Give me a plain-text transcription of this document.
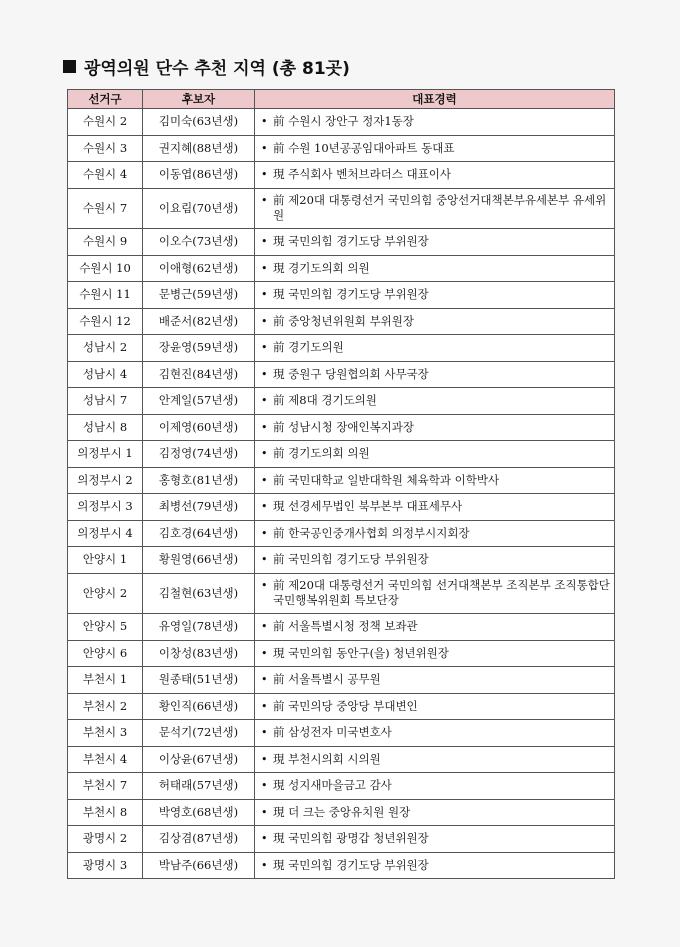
광역의원 단수 추천 지역 (총 81곳)
선거구	후보자	대표경력
수원시 2	김미숙(63년생)	• 前 수원시 장안구 정자1동장

수원시 3	권지혜(88년생)	• 前 수원 10년공공임대아파트 동대표

수원시 4	이동엽(86년생)	• 現 주식회사 벤처브라더스 대표이사

수원시 7	이요림(70년생)	• 前 제20대 대통령선거 국민의힘 중앙선거대책본부유세본부 유세위원

수원시 9	이오수(73년생)	• 現 국민의힘 경기도당 부위원장

수원시 10	이애형(62년생)	• 現 경기도의회 의원

수원시 11	문병근(59년생)	• 現 국민의힘 경기도당 부위원장

수원시 12	배준서(82년생)	• 前 중앙청년위원회 부위원장

성남시 2	장윤영(59년생)	• 前 경기도의원

성남시 4	김현진(84년생)	• 現 중원구 당원협의회 사무국장

성남시 7	안계일(57년생)	• 前 제8대 경기도의원

성남시 8	이제영(60년생)	• 前 성남시청 장애인복지과장

의정부시 1	김정영(74년생)	• 前 경기도의회 의원

의정부시 2	홍형호(81년생)	• 前 국민대학교 일반대학원 체육학과 이학박사

의정부시 3	최병선(79년생)	• 現 선경세무법인 북부본부 대표세무사

의정부시 4	김호경(64년생)	• 前 한국공인중개사협회 의정부시지회장

안양시 1	황원영(66년생)	• 前 국민의힘 경기도당 부위원장

안양시 2	김철현(63년생)	• 前 제20대 대통령선거 국민의힘 선거대책본부 조직본부 조직통합단 국민행복위원회 특보단장

안양시 5	유영일(78년생)	• 前 서울특별시청 정책 보좌관

안양시 6	이창성(83년생)	• 現 국민의힘 동안구(을) 청년위원장

부천시 1	원종태(51년생)	• 前 서울특별시 공무원

부천시 2	황인직(66년생)	• 前 국민의당 중앙당 부대변인

부천시 3	문석기(72년생)	• 前 삼성전자 미국변호사

부천시 4	이상윤(67년생)	• 現 부천시의회 시의원

부천시 7	허태래(57년생)	• 現 성지새마을금고 감사

부천시 8	박영호(68년생)	• 現 더 크는 중앙유치원 원장

광명시 2	김상겸(87년생)	• 現 국민의힘 광명갑 청년위원장

광명시 3	박남주(66년생)	• 現 국민의힘 경기도당 부위원장
